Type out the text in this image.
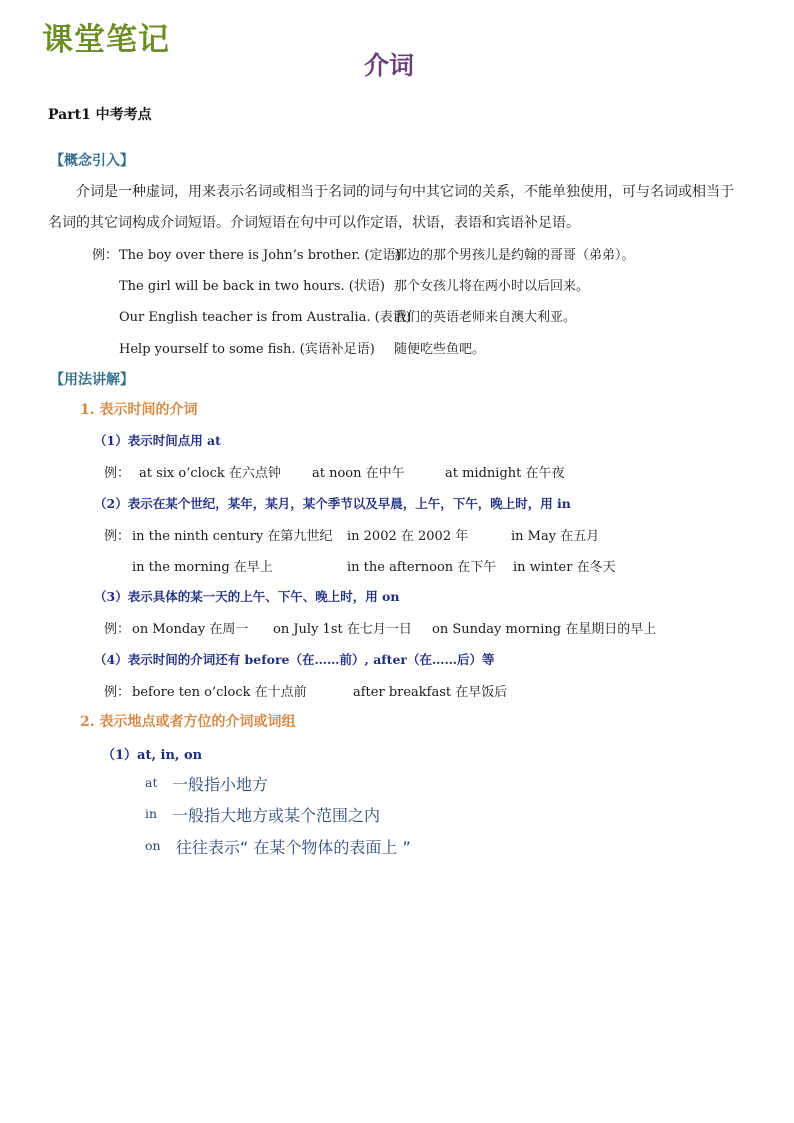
课堂笔记
介词
Part1 中考考点
【概念引入】
介词是一种虚词，用来表示名词或相当于名词的词与句中其它词的关系，不能单独使用，可与名词或相当于
名词的其它词构成介词短语。介词短语在句中可以作定语，状语，表语和宾语补足语。
例： The boy over there is John’s brother. (定语)
那边的那个男孩儿是约翰的哥哥（弟弟）。
The girl will be back in two hours. (状语) 那个女孩儿将在两小时以后回来。
Our English teacher is from Australia. (表语)
我们的英语老师来自澳大利亚。
Help yourself to some fish. (宾语补足语) 随便吃些鱼吧。
【用法讲解】
1. 表示时间的介词
（1）表示时间点用 at
例： at six o’clock 在六点钟 at noon 在中午	at midnight 在午夜
（2）表示在某个世纪，某年，某月，某个季节以及早晨，上午，下午，晚上时，用 in
例： in the ninth century 在第九世纪 in 2002 在 2002 年	in May 在五月
in the morning 在早上	in the afternoon 在下午 in winter 在冬天
（3）表示具体的某一天的上午、下午、晚上时，用 on
例： on Monday 在周一 on July 1st 在七月一日 on Sunday morning 在星期日的早上
（4）表示时间的介词还有 before（在……前）, after（在……后）等
例： before ten o’clock 在十点前	after breakfast 在早饭后
2. 表示地点或者方位的介词或词组
（1）at, in, on
at 一般指小地方
in 一般指大地方或某个范围之内
on 往往表示“ 在某个物体的表面上 ”
